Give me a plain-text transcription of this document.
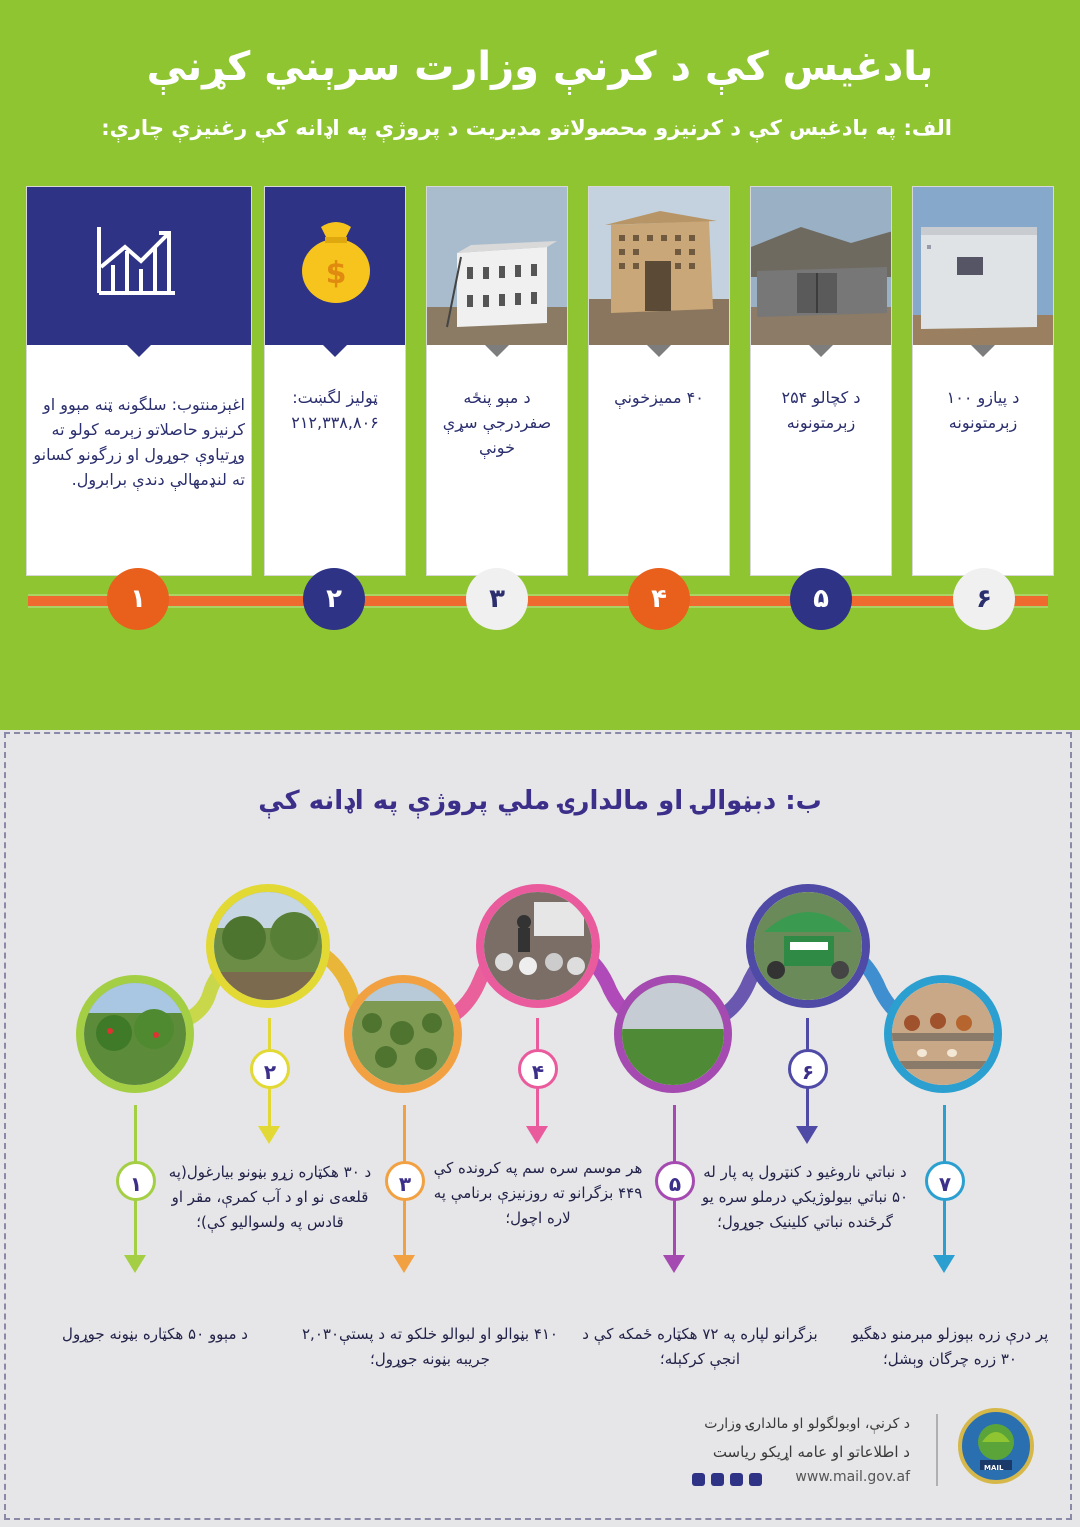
بادغيس کې د کرنې وزارت سرېني کړنې
الف: په بادغيس کې د کرنيزو محصولاتو مديريت د پروژې په اډانه کې رغنيزې چارې:
اغېزمنتوب: سلگونه ټنه مېوو او کرنيزو حاصلاتو زېرمه کولو ته وړتياوې جوړول او زرگونو کسانو ته لنډمهالې دندې برابرول.
$
ټوليز لگښت: ۲۱۲,۳۳۸,۸۰۶
د مېو پنځه صفردرجې سړې خونې
۴۰ مميزخونې	د کچالو ۲۵۴ زېرمتونونه
د پيازو ۱۰۰ زېرمتونونه
۱	۲	۳	۴	۵	۶
ب: دبڼوالۍ او مالدارۍ ملي پروژې په اډانه کې
۱
د مېوو ۵۰ هکټاره بڼونه جوړول
۲
د ۳۰ هکټاره زړو بڼونو بيارغول(په قلعه‌ی نو او د آب کمرې، مقر او قادس په ولسواليو کې)؛
۳
۴۱۰ بڼوالو او لبوالو خلکو ته د پستې۲,۰۳۰ جريبه بڼونه جوړول؛
۴
هر موسم سره سم په کرونده کې ۴۴۹ بزگرانو ته روزنيزې برنامې په لاره اچول؛
۵
بزگرانو لپاره په ۷۲ هکټاره ځمکه کې د انجې کرکېله؛
۶
د نباتي ناروغيو د کنټرول په پار له ۵۰ نباتي بيولوژيکي درملو سره يو گرځنده نباتي کلينيک جوړول؛
۷
پر درې زره بېوزلو مېرمنو دهگيو ۳۰ زره چرگان وېشل؛
د کرنې، اوبولگولو او مالدارۍ وزارت
د اطلاعاتو او عامه اړيکو رياست
www.mail.gov.af
MAIL
